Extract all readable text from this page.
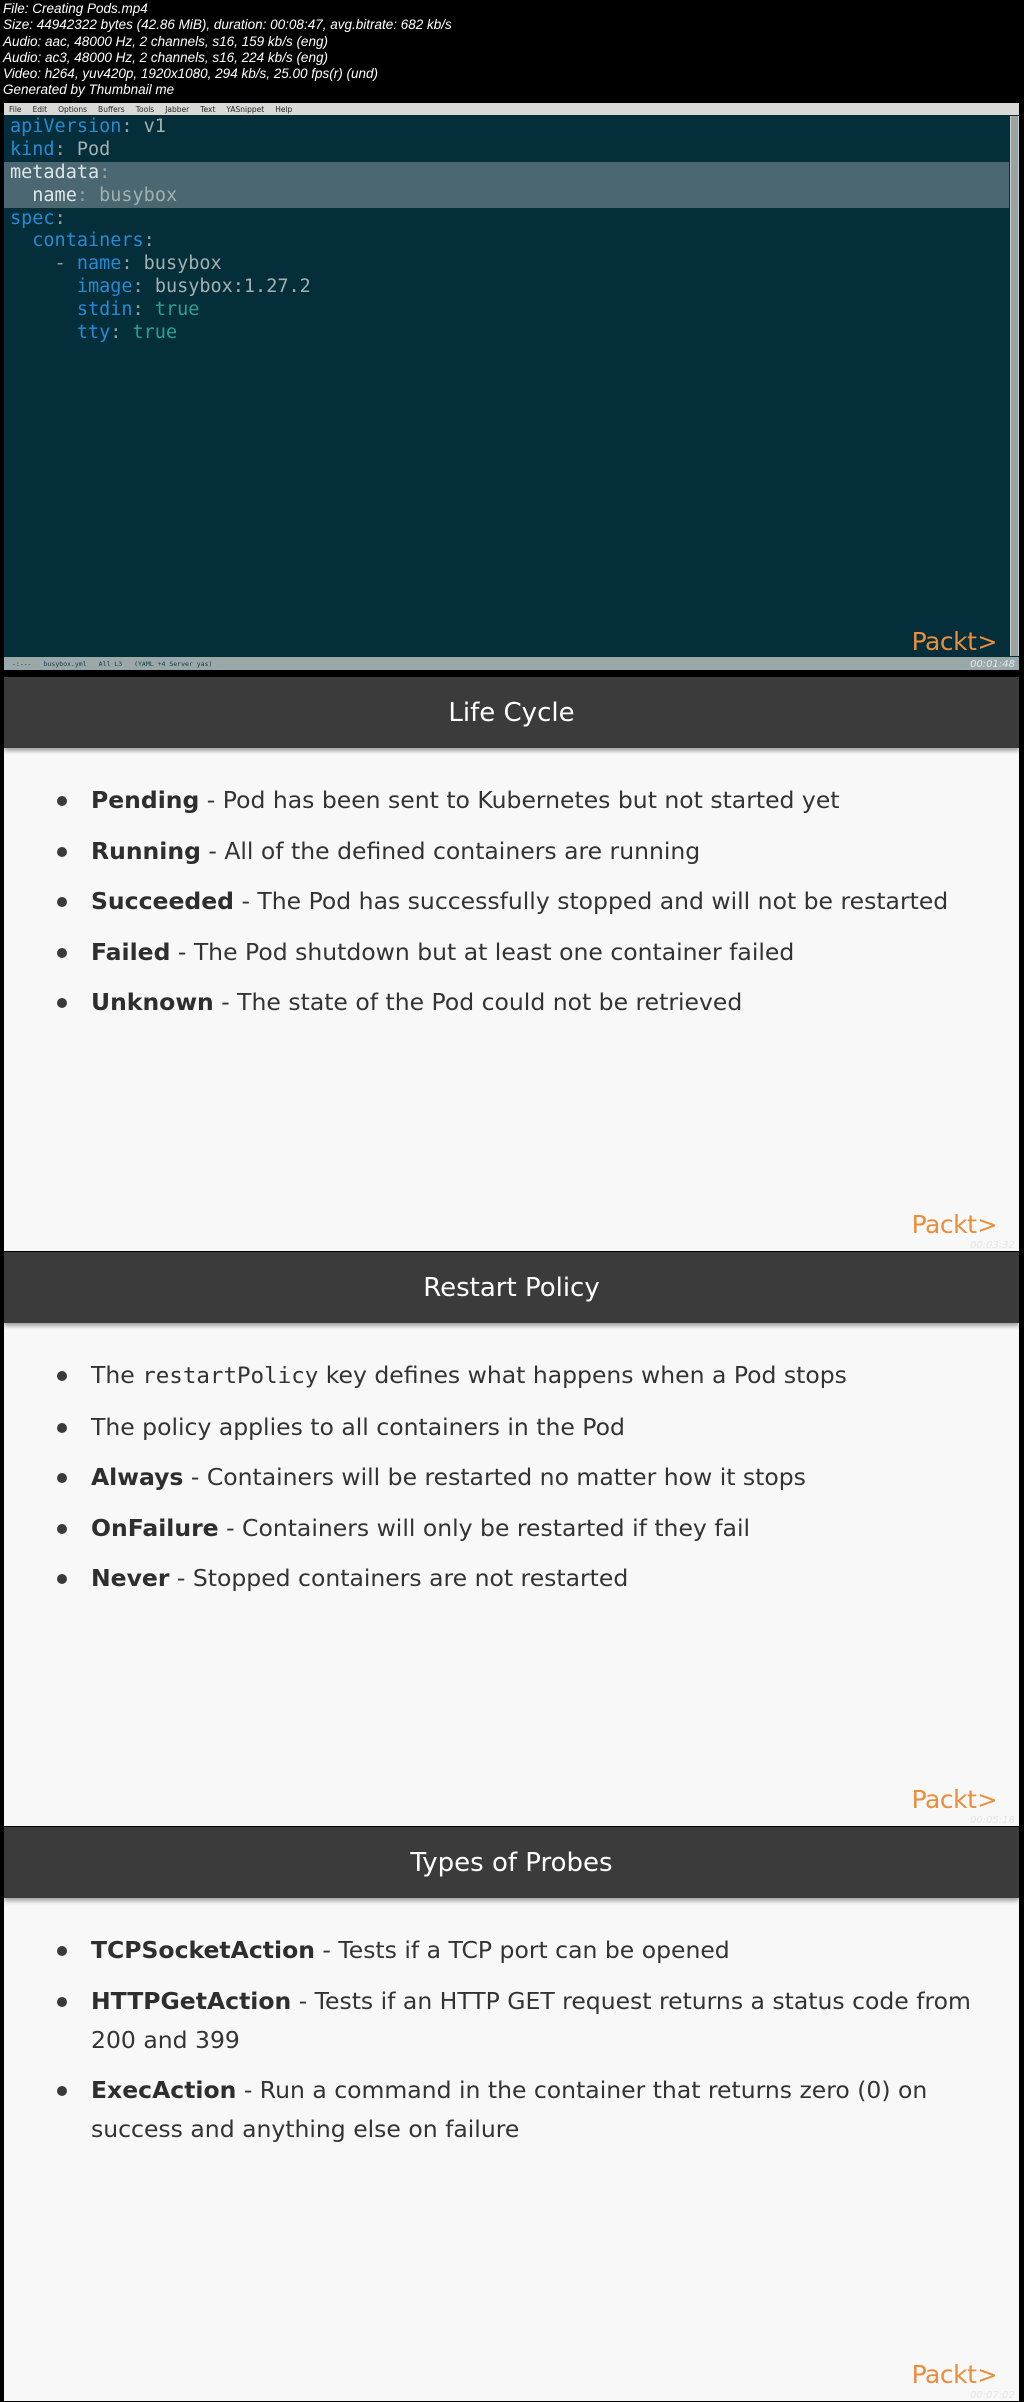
File: Creating Pods.mp4
Size: 44942322 bytes (42.86 MiB), duration: 00:08:47, avg.bitrate: 682 kb/s
Audio: aac, 48000 Hz, 2 channels, s16, 159 kb/s (eng)
Audio: ac3, 48000 Hz, 2 channels, s16, 224 kb/s (eng)
Video: h264, yuv420p, 1920x1080, 294 kb/s, 25.00 fps(r) (und)
Generated by Thumbnail me
File Edit Options Buffers Tools Jabber Text YASnippet Help
apiVersion: v1
kind: Pod
metadata:
name: busybox
spec:
containers:
- name: busybox
image: busybox:1.27.2
stdin: true
tty: true
-:--- busybox.yml All L3 (YAML +4 Server yas)
Packt>
00:01:48
Life Cycle
Pending - Pod has been sent to Kubernetes but not started yet
Running - All of the defined containers are running
Succeeded - The Pod has successfully stopped and will not be restarted
Failed - The Pod shutdown but at least one container failed
Unknown - The state of the Pod could not be retrieved
Packt>
00:03:32
Restart Policy
The restartPolicy key defines what happens when a Pod stops
The policy applies to all containers in the Pod
Always - Containers will be restarted no matter how it stops
OnFailure - Containers will only be restarted if they fail
Never - Stopped containers are not restarted
Packt>
00:05:18
Types of Probes
TCPSocketAction - Tests if a TCP port can be opened
HTTPGetAction - Tests if an HTTP GET request returns a status code from 200 and 399
ExecAction - Run a command in the container that returns zero (0) on success and anything else on failure
Packt>
00:07:02
